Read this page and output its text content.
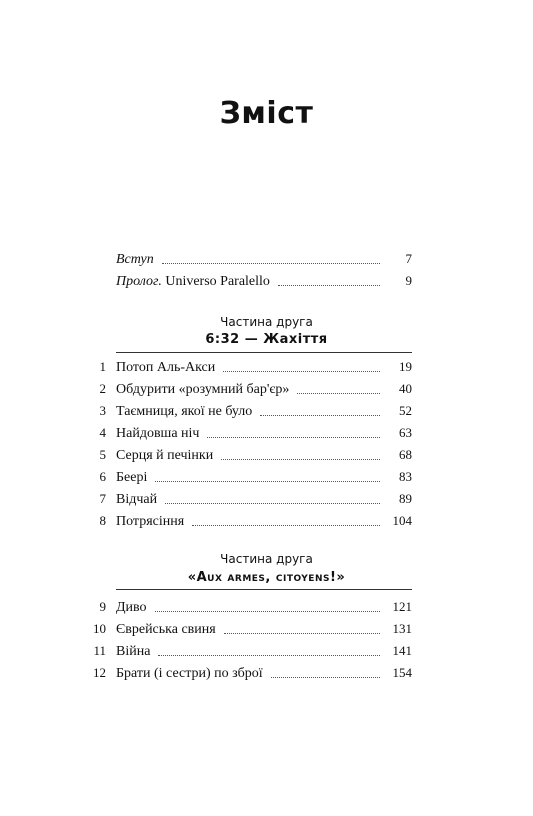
Зміст
Вступ	7
Пролог. Universo Paralello	9
Частина друга
6:32 — Жахіття
1 Потоп Аль-Акси	19
2 Обдурити «розумний бар'єр»	40
3 Таємниця, якої не було	52
4 Найдовша ніч	63
5 Серця й печінки	68
6 Беері	83
7 Відчай	89
8 Потрясіння	104
Частина друга
«Aux armes, citoyens!»
9 Диво	121
10 Єврейська свиня	131
11 Війна	141
12 Брати (і сестри) по зброї	154
